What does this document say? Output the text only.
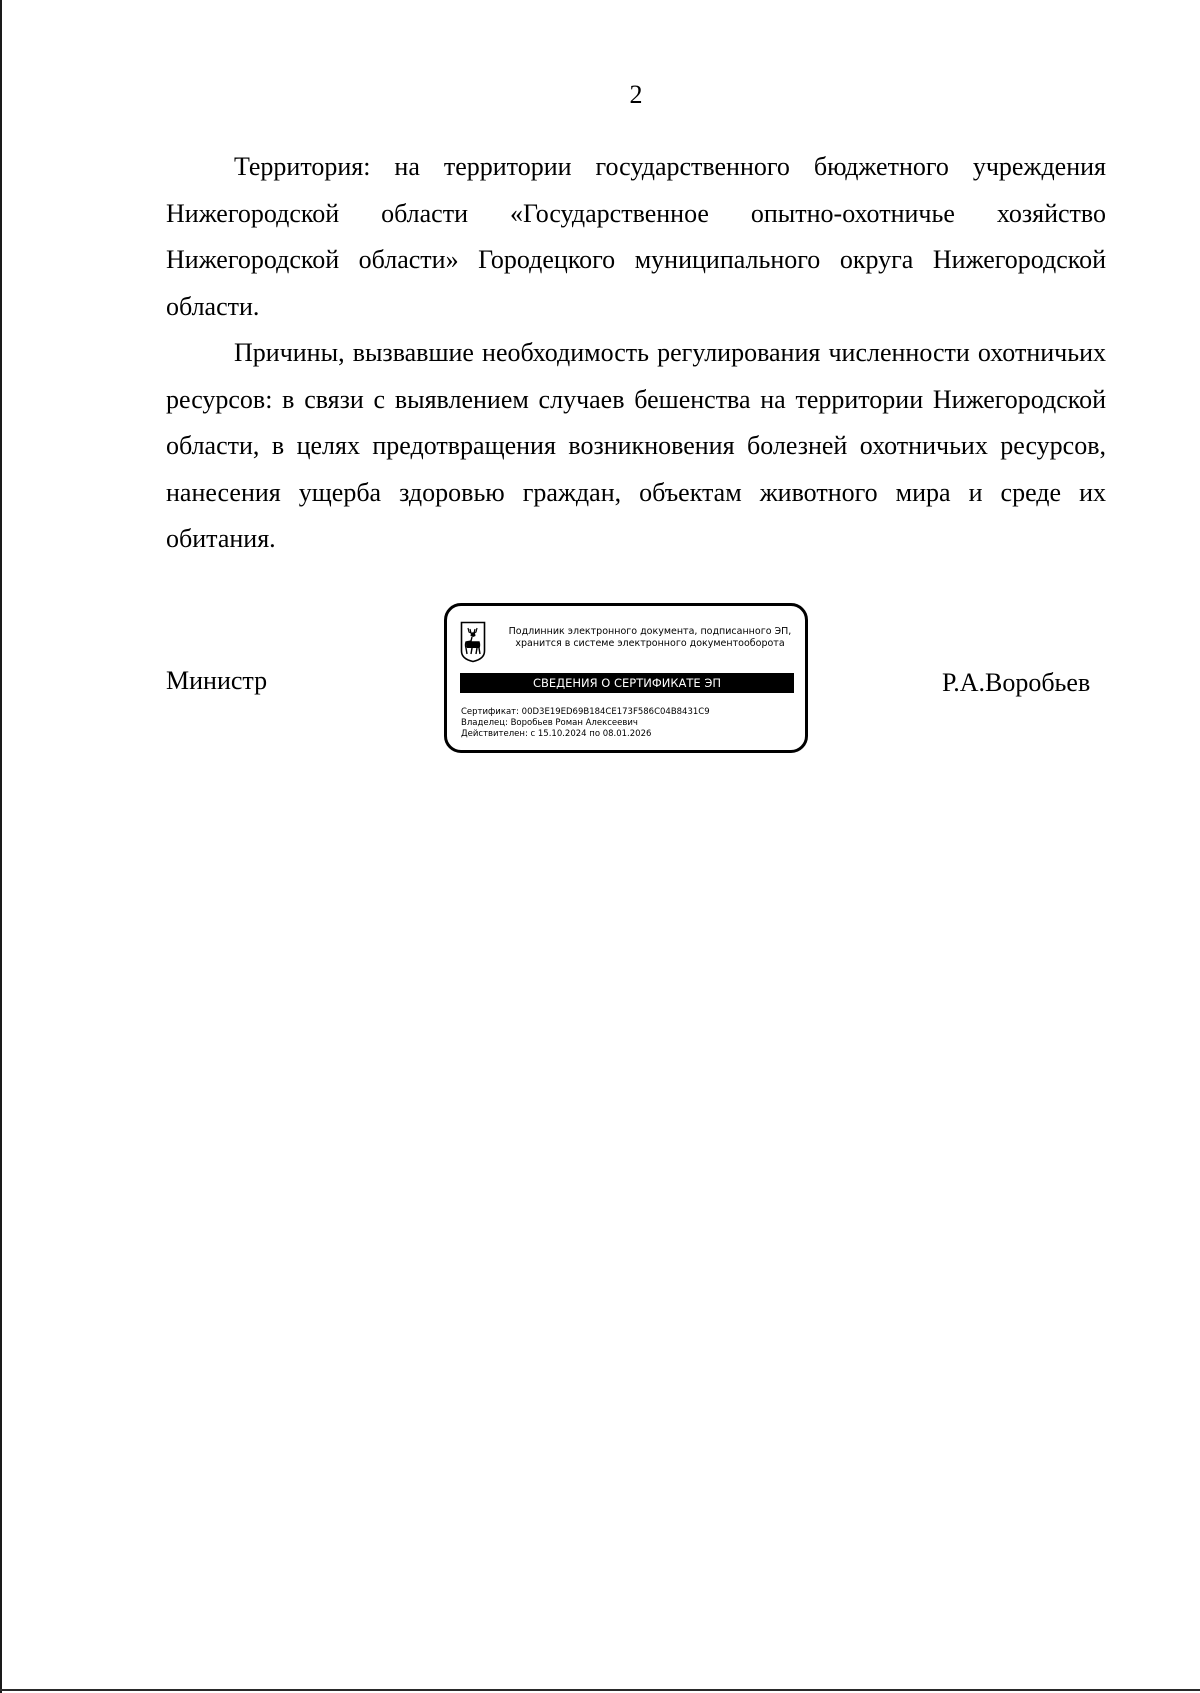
2

Территория: на территории государственного бюджетного учреждения Нижегородской области «Государственное опытно-охотничье хозяйство Нижегородской области» Городецкого муниципального округа Нижегородской области.

Причины, вызвавшие необходимость регулирования численности охотничьих ресурсов: в связи с выявлением случаев бешенства на территории Нижегородской области, в целях предотвращения возникновения болезней охотничьих ресурсов, нанесения ущерба здоровью граждан, объектам животного мира и среде их обитания.

Министр
Подлинник электронного документа, подписанного ЭП,
хранится в системе электронного документооборота
СВЕДЕНИЯ О СЕРТИФИКАТЕ ЭП
Сертификат: 00D3E19ED69B184CE173F586C04B8431C9
Владелец: Воробьев Роман Алексеевич
Действителен: с 15.10.2024 по 08.01.2026
Р.А.Воробьев
